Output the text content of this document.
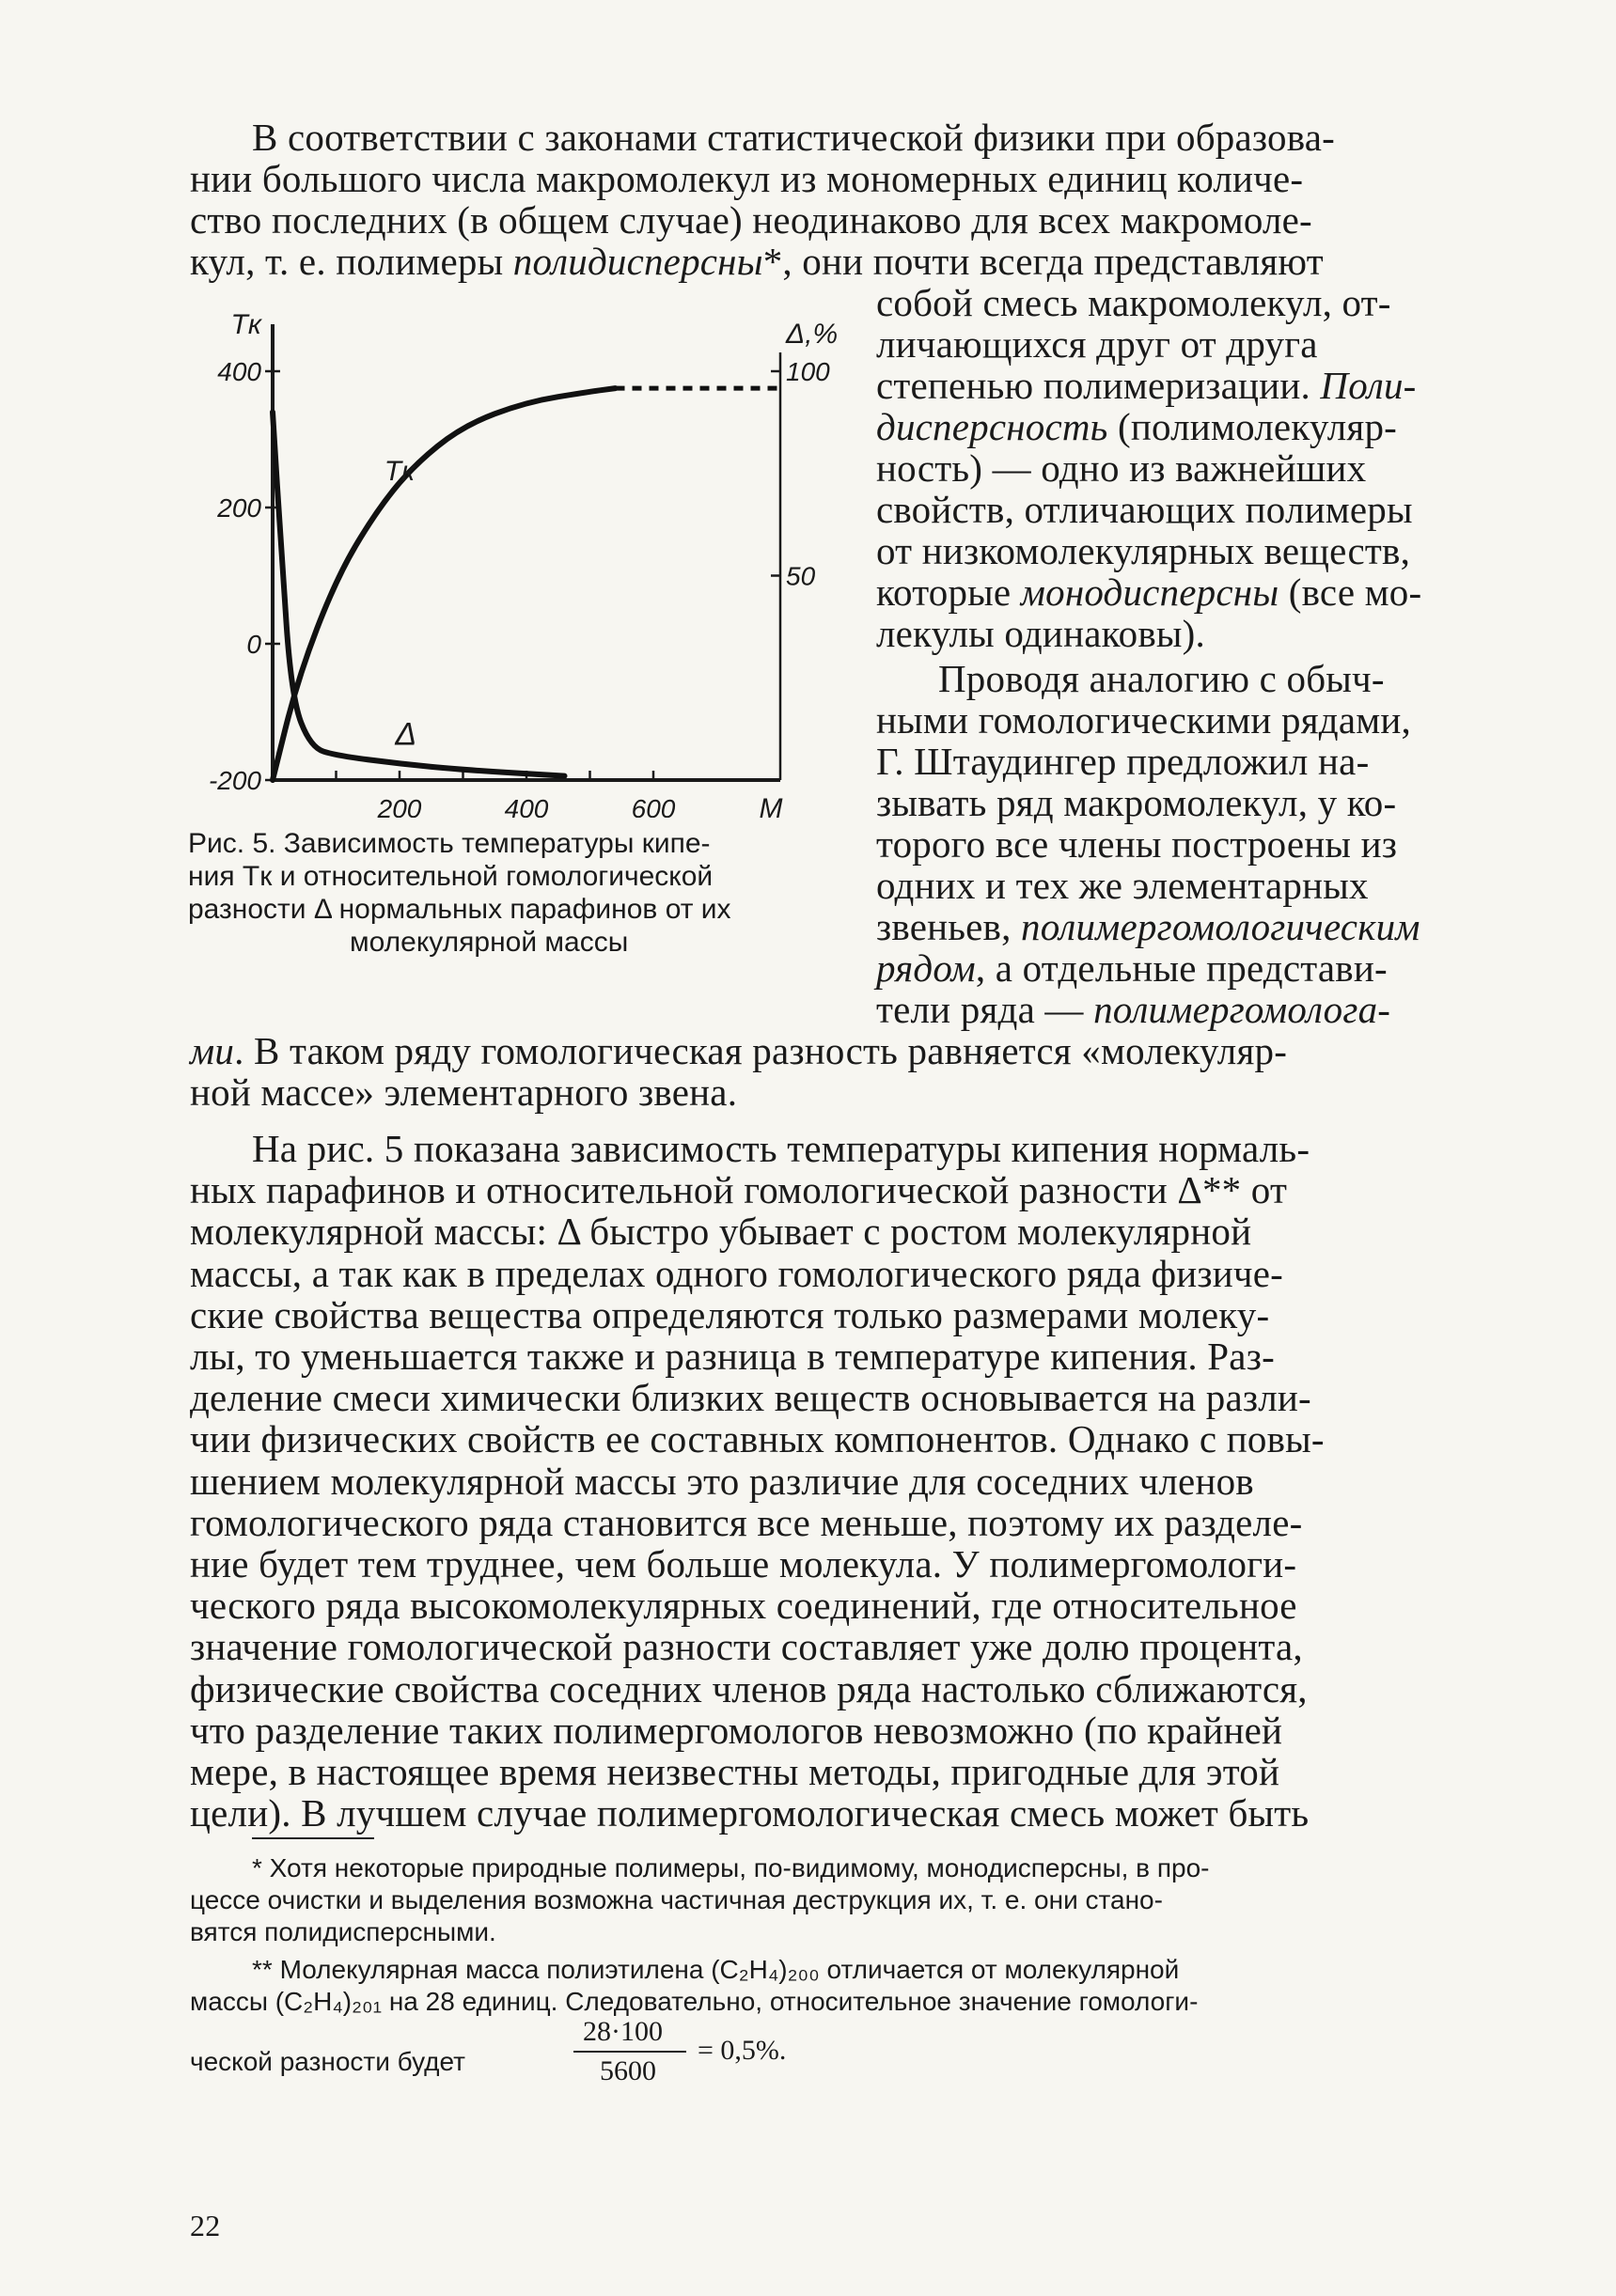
В соответствии с законами статистической физики при образова-
нии большого числа макромолекул из мономерных единиц количе-
ство последних (в общем случае) неодинаково для всех макромоле-
кул, т. е. полимеры полидисперсны*, они почти всегда представляют
собой смесь макромолекул, от-
личающихся друг от друга
степенью полимеризации. Поли-
дисперсность (полимолекуляр-
ность) — одно из важнейших
свойств, отличающих полимеры
от низкомолекулярных веществ,
которые монодисперсны (все мо-
лекулы одинаковы).
Проводя аналогию с обыч-
ными гомологическими рядами,
Г. Штаудингер предложил на-
зывать ряд макромолекул, у ко-
торого все члены построены из
одних и тех же элементарных
звеньев, полимергомологическим
рядом, а отдельные представи-
тели ряда — полимергомолога-
400
200
0
-200
Tк
100
50
Δ,%
200	400	600	M
Tк
Δ
Рис. 5. Зависимость температуры кипе-
ния Tк и относительной гомологической
разности Δ нормальных парафинов от их
молекулярной массы
ми. В таком ряду гомологическая разность равняется «молекуляр-
ной массе» элементарного звена.
На рис. 5 показана зависимость температуры кипения нормаль-
ных парафинов и относительной гомологической разности Δ** от
молекулярной массы: Δ быстро убывает с ростом молекулярной
массы, а так как в пределах одного гомологического ряда физиче-
ские свойства вещества определяются только размерами молеку-
лы, то уменьшается также и разница в температуре кипения. Раз-
деление смеси химически близких веществ основывается на разли-
чии физических свойств ее составных компонентов. Однако с повы-
шением молекулярной массы это различие для соседних членов
гомологического ряда становится все меньше, поэтому их разделе-
ние будет тем труднее, чем больше молекула. У полимергомологи-
ческого ряда высокомолекулярных соединений, где относительное
значение гомологической разности составляет уже долю процента,
физические свойства соседних членов ряда настолько сближаются,
что разделение таких полимергомологов невозможно (по крайней
мере, в настоящее время неизвестны методы, пригодные для этой
цели). В лучшем случае полимергомологическая смесь может быть
* Хотя некоторые природные полимеры, по-видимому, монодисперсны, в про-
цессе очистки и выделения возможна частичная деструкция их, т. е. они стано-
вятся полидисперсными.
** Молекулярная масса полиэтилена (C₂H₄)₂₀₀ отличается от молекулярной
массы (C₂H₄)₂₀₁ на 28 единиц. Следовательно, относительное значение гомологи-
ческой разности будет
28·100
5600
= 0,5%.
22
